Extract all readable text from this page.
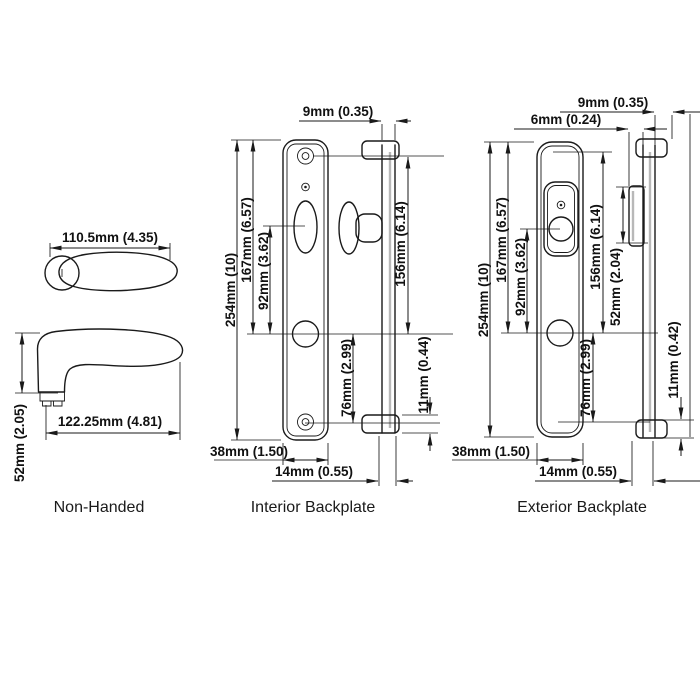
110.5mm (4.35)
52mm (2.05) 122.25mm (4.81)
Non-Handed
9mm (0.35)
254mm (10)
167mm (6.57) 92mm (3.62)	156mm (6.14)
76mm (2.99)	11mm (0.44)
38mm (1.50)
14mm (0.55)
Interior Backplate
9mm (0.35)
6mm (0.24)
254mm (10)
167mm (6.57) 92mm (3.62)	156mm (6.14) 52mm (2.04)
76mm (2.99)	11mm (0.42)
38mm (1.50)
14mm (0.55)
Exterior Backplate
